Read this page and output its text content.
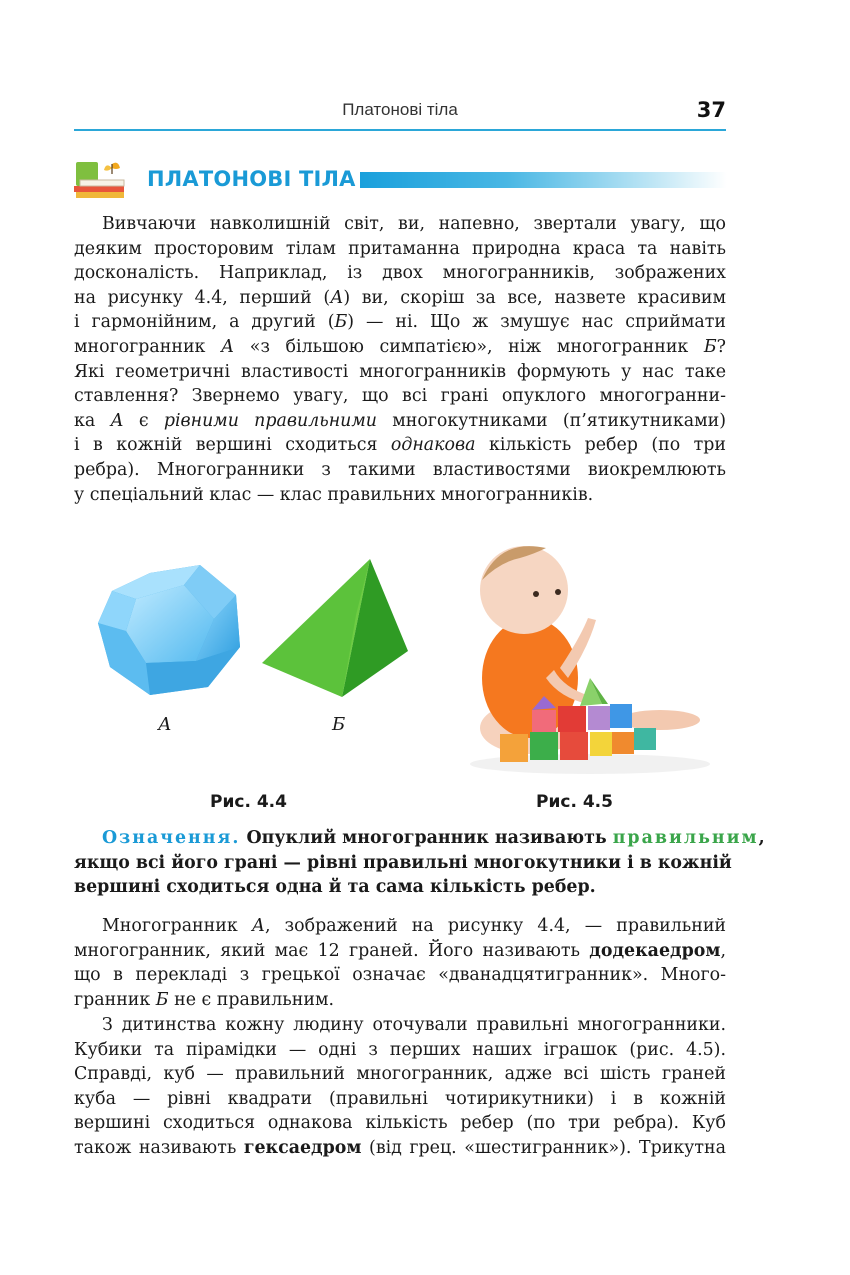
Платонові тіла	37
ПЛАТОНОВІ ТІЛА
Вивчаючи навколишній світ, ви, напевно, звертали увагу, що
деяким просторовим тілам притаманна природна краса та навіть
досконалість. Наприклад, із двох многогранників, зображених
на рисунку 4.4, перший (А) ви, скоріш за все, назвете красивим
і гармонійним, а другий (Б) — ні. Що ж змушує нас сприймати
многогранник А «з більшою симпатією», ніж многогранник Б?
Які геометричні властивості многогранників формують у нас таке
ставлення? Звернемо увагу, що всі грані опуклого многогранни-
ка А є рівними правильними многокутниками (п’ятикутниками)
і в кожній вершині сходиться однакова кількість ребер (по три
ребра). Многогранники з такими властивостями виокремлюють
у спеціальний клас — клас правильних многогранників.
А	Б
Рис. 4.4	Рис. 4.5
Означення. Опуклий многогранник називають правильним,
якщо всі його грані — рівні правильні многокутники і в кожній
вершині сходиться одна й та сама кількість ребер.
Многогранник А, зображений на рисунку 4.4, — правильний
многогранник, який має 12 граней. Його називають додекаедром,
що в перекладі з грецької означає «дванадцятигранник». Много-
гранник Б не є правильним.
З дитинства кожну людину оточували правильні многогранники.
Кубики та пірамідки — одні з перших наших іграшок (рис. 4.5).
Справді, куб — правильний многогранник, адже всі шість граней
куба — рівні квадрати (правильні чотирикутники) і в кожній
вершині сходиться однакова кількість ребер (по три ребра). Куб
також називають гексаедром (від грец. «шестигранник»). Трикутна
